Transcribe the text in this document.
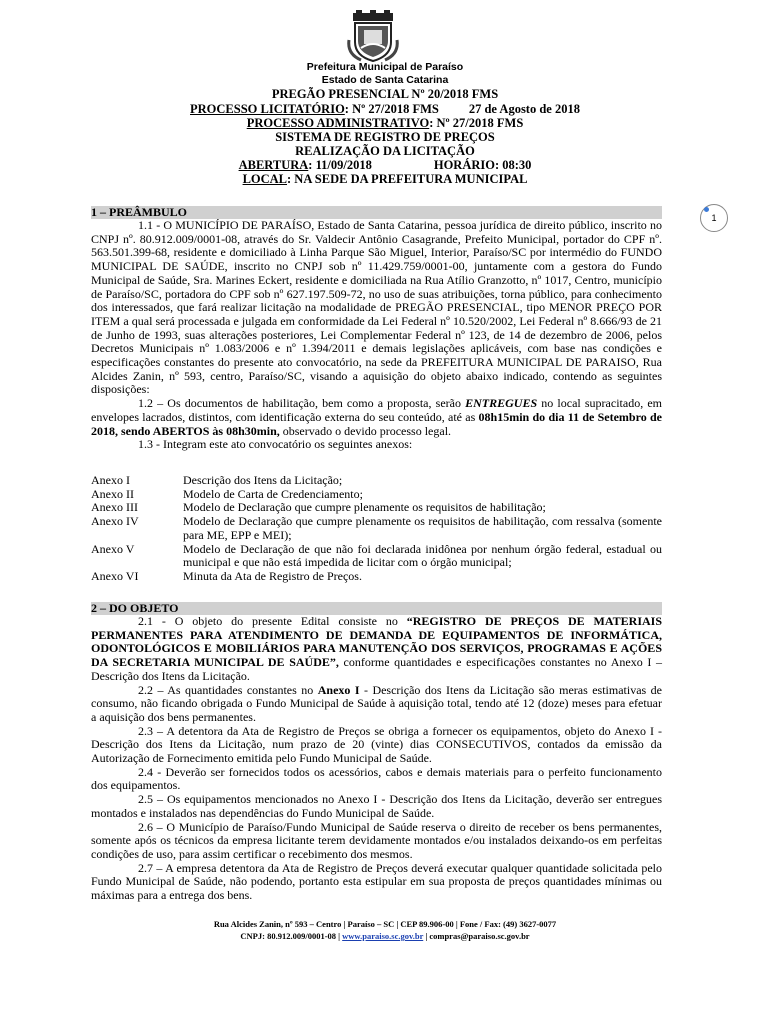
Prefeitura Municipal de Paraíso
Estado de Santa Catarina
PREGÃO PRESENCIAL Nº 20/2018 FMS
PROCESSO LICITATÓRIO: Nº 27/2018 FMS 27 de Agosto de 2018
PROCESSO ADMINISTRATIVO: Nº 27/2018 FMS
SISTEMA DE REGISTRO DE PREÇOS
REALIZAÇÃO DA LICITAÇÃO
ABERTURA: 11/09/2018	HORÁRIO: 08:30
LOCAL: NA SEDE DA PREFEITURA MUNICIPAL
1
1 – PREÂMBULO

1.1 - O MUNICÍPIO DE PARAÍSO, Estado de Santa Catarina, pessoa jurídica de direito público, inscrito no CNPJ nº. 80.912.009/0001-08, através do Sr. Valdecir Antônio Casagrande, Prefeito Municipal, portador do CPF nº. 563.501.399-68, residente e domiciliado à Linha Parque São Miguel, Interior, Paraíso/SC por intermédio do FUNDO MUNICIPAL DE SAÚDE, inscrito no CNPJ sob nº 11.429.759/0001-00, juntamente com a gestora do Fundo Municipal de Saúde, Sra. Marines Eckert, residente e domiciliada na Rua Atílio Granzotto, nº 1017, Centro, município de Paraíso/SC, portadora do CPF sob nº 627.197.509-72, no uso de suas atribuições, torna público, para conhecimento dos interessados, que fará realizar licitação na modalidade de PREGÃO PRESENCIAL, tipo MENOR PREÇO POR ITEM a qual será processada e julgada em conformidade da Lei Federal nº 10.520/2002, Lei Federal nº 8.666/93 de 21 de Junho de 1993, suas alterações posteriores, Lei Complementar Federal nº 123, de 14 de dezembro de 2006, pelos Decretos Municipais nº 1.083/2006 e nº 1.394/2011 e demais legislações aplicáveis, com base nas condições e especificações constantes do presente ato convocatório, na sede da PREFEITURA MUNICIPAL DE PARAISO, Rua Alcides Zanin, nº 593, centro, Paraíso/SC, visando a aquisição do objeto abaixo indicado, contendo as seguintes disposições:

1.2 – Os documentos de habilitação, bem como a proposta, serão ENTREGUES no local supracitado, em envelopes lacrados, distintos, com identificação externa do seu conteúdo, até as 08h15min do dia 11 de Setembro de 2018, sendo ABERTOS às 08h30min, observado o devido processo legal.

1.3 - Integram este ato convocatório os seguintes anexos:

Anexo I	Descrição dos Itens da Licitação;
Anexo II	Modelo de Carta de Credenciamento;
Anexo III	Modelo de Declaração que cumpre plenamente os requisitos de habilitação;
Anexo IV	Modelo de Declaração que cumpre plenamente os requisitos de habilitação, com ressalva (somente para ME, EPP e MEI);
Anexo V	Modelo de Declaração de que não foi declarada inidônea por nenhum órgão federal, estadual ou municipal e que não está impedida de licitar com o órgão municipal;
Anexo VI	Minuta da Ata de Registro de Preços.
2 – DO OBJETO

2.1 - O objeto do presente Edital consiste no “REGISTRO DE PREÇOS DE MATERIAIS PERMANENTES PARA ATENDIMENTO DE DEMANDA DE EQUIPAMENTOS DE INFORMÁTICA, ODONTOLÓGICOS E MOBILIÁRIOS PARA MANUTENÇÃO DOS SERVIÇOS, PROGRAMAS E AÇÕES DA SECRETARIA MUNICIPAL DE SAÚDE”, conforme quantidades e especificações constantes no Anexo I – Descrição dos Itens da Licitação.

2.2 – As quantidades constantes no Anexo I - Descrição dos Itens da Licitação são meras estimativas de consumo, não ficando obrigada o Fundo Municipal de Saúde à aquisição total, tendo até 12 (doze) meses para efetuar a aquisição dos bens permanentes.

2.3 – A detentora da Ata de Registro de Preços se obriga a fornecer os equipamentos, objeto do Anexo I - Descrição dos Itens da Licitação, num prazo de 20 (vinte) dias CONSECUTIVOS, contados da emissão da Autorização de Fornecimento emitida pelo Fundo Municipal de Saúde.

2.4 - Deverão ser fornecidos todos os acessórios, cabos e demais materiais para o perfeito funcionamento dos equipamentos.

2.5 – Os equipamentos mencionados no Anexo I - Descrição dos Itens da Licitação, deverão ser entregues montados e instalados nas dependências do Fundo Municipal de Saúde.

2.6 – O Município de Paraíso/Fundo Municipal de Saúde reserva o direito de receber os bens permanentes, somente após os técnicos da empresa licitante terem devidamente montados e/ou instalados deixando-os em perfeitas condições de uso, para assim certificar o recebimento dos mesmos.

2.7 – A empresa detentora da Ata de Registro de Preços deverá executar qualquer quantidade solicitada pelo Fundo Municipal de Saúde, não podendo, portanto esta estipular em sua proposta de preços quantidades mínimas ou máximas para a entrega dos bens.

Rua Alcides Zanin, nº 593 – Centro | Paraíso – SC | CEP 89.906-00 | Fone / Fax: (49) 3627-0077
CNPJ: 80.912.009/0001-08 | www.paraiso.sc.gov.br | compras@paraiso.sc.gov.br
